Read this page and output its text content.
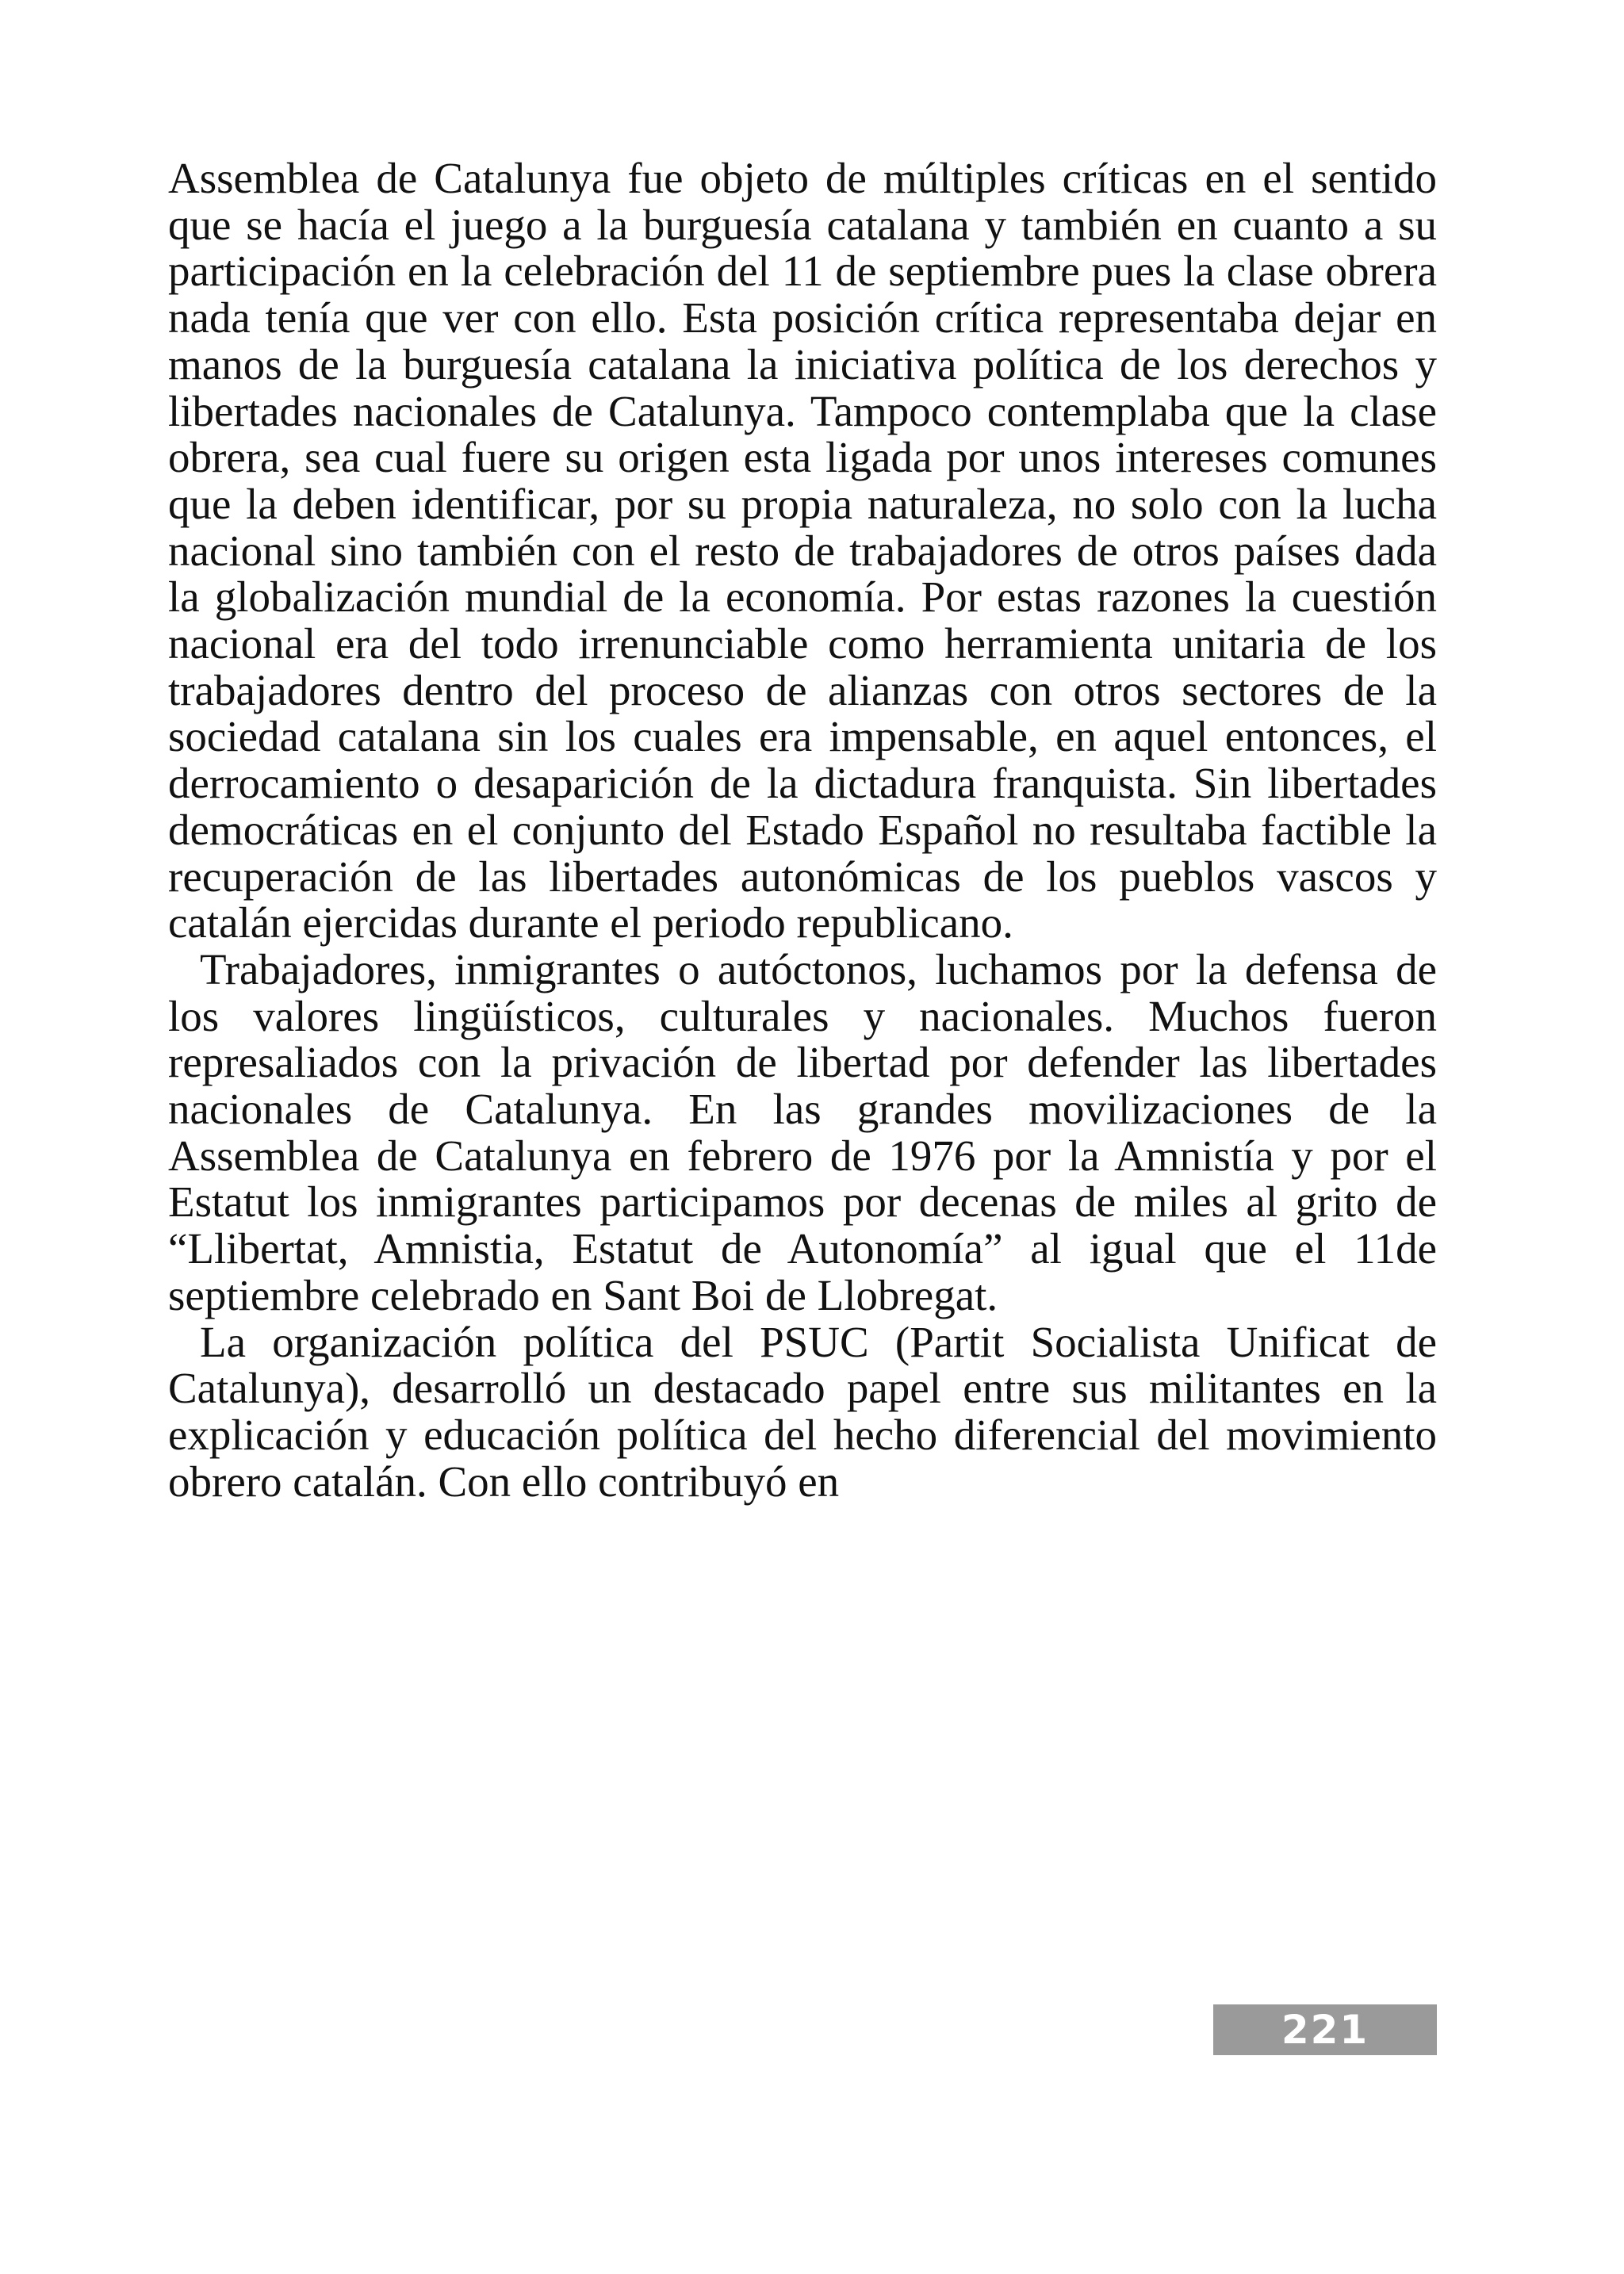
Assemblea de Catalunya fue objeto de múltiples críticas en el sentido que se hacía el juego a la burguesía catalana y también en cuanto a su participación en la celebración del 11 de septiembre pues la clase obrera nada tenía que ver con ello. Esta posición crítica representaba dejar en manos de la burguesía catalana la iniciativa política de los derechos y libertades nacionales de Catalunya. Tampoco contemplaba que la clase obrera, sea cual fuere su origen esta ligada por unos intereses comunes que la deben identificar, por su propia naturaleza, no solo con la lucha nacional sino también con el resto de trabajadores de otros países dada la globalización mundial de la economía. Por estas razones la cuestión nacional era del todo irrenunciable como herramienta unitaria de los trabajadores dentro del proceso de alianzas con otros sectores de la sociedad catalana sin los cuales era impensable, en aquel entonces, el derrocamiento o desaparición de la dictadura franquista. Sin libertades democráticas en el conjunto del Estado Español no resultaba factible la recuperación de las libertades autonómicas de los pueblos vascos y catalán ejercidas durante el periodo republicano.

Trabajadores, inmigrantes o autóctonos, luchamos por la defensa de los valores lingüísticos, culturales y nacionales. Muchos fueron represaliados con la privación de libertad por defender las libertades nacionales de Catalunya. En las grandes movilizaciones de la Assemblea de Catalunya en febrero de 1976 por la Amnistía y por el Estatut los inmigrantes participamos por decenas de miles al grito de “Llibertat, Amnistia, Estatut de Autonomía” al igual que el 11de septiembre celebrado en Sant Boi de Llobregat.

La organización política del PSUC (Partit Socialista Unificat de Catalunya), desarrolló un destacado papel entre sus militantes en la explicación y educación política del hecho diferencial del movimiento obrero catalán. Con ello contribuyó en

221
